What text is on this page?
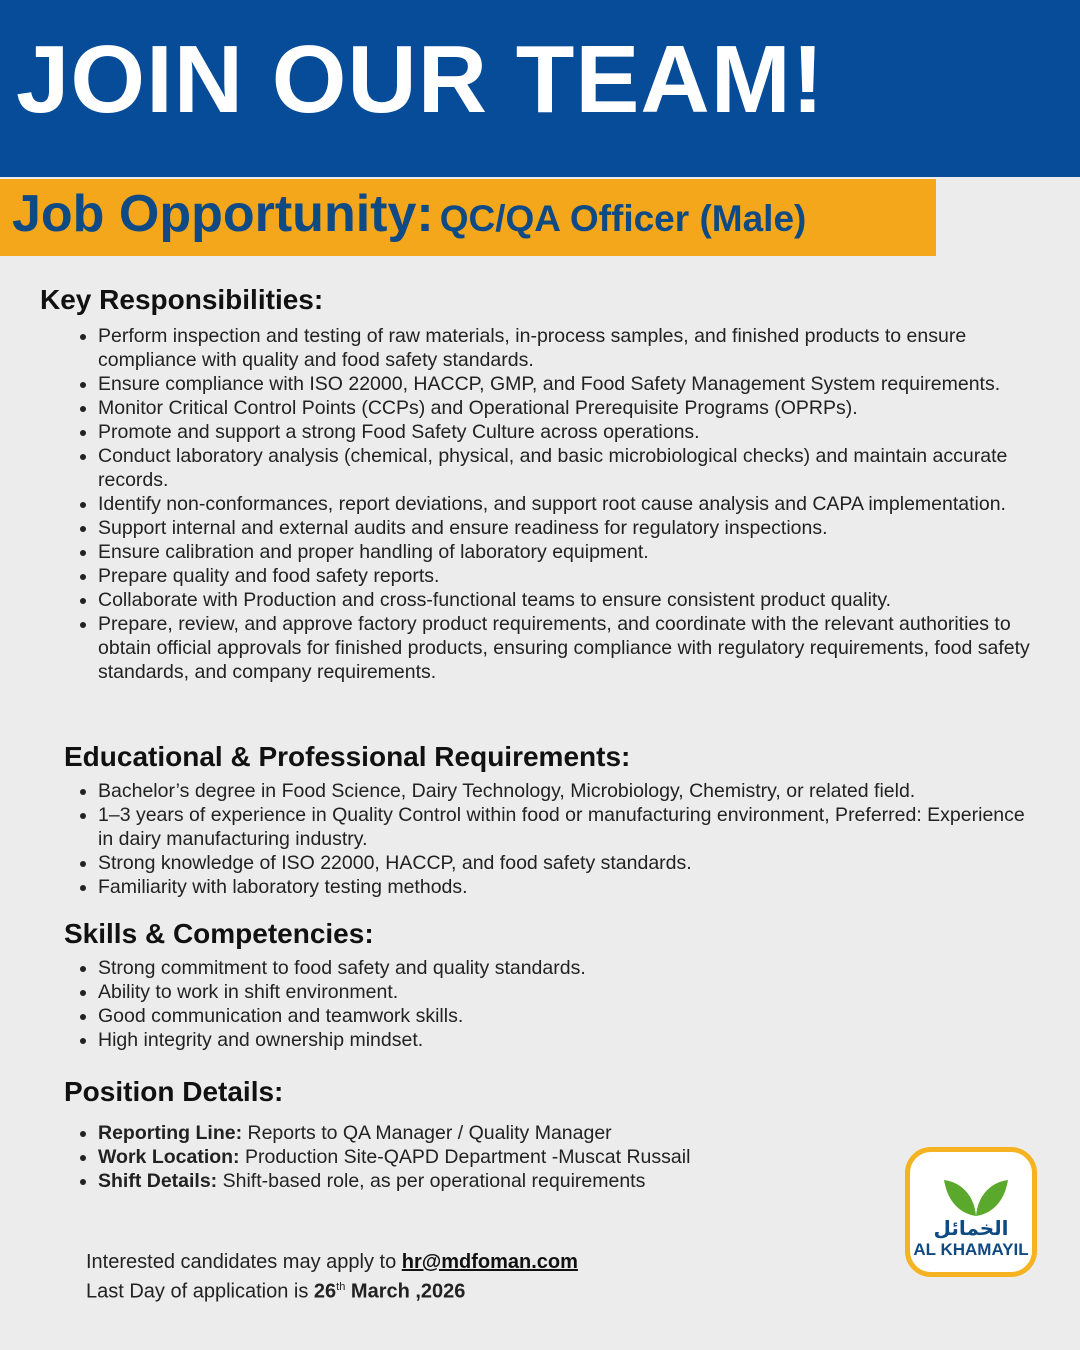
JOIN OUR TEAM!
Job Opportunity: QC/QA Officer (Male)
Key Responsibilities:
Perform inspection and testing of raw materials, in-process samples, and finished products to ensure compliance with quality and food safety standards.
Ensure compliance with ISO 22000, HACCP, GMP, and Food Safety Management System requirements.
Monitor Critical Control Points (CCPs) and Operational Prerequisite Programs (OPRPs).
Promote and support a strong Food Safety Culture across operations.
Conduct laboratory analysis (chemical, physical, and basic microbiological checks) and maintain accurate records.
Identify non-conformances, report deviations, and support root cause analysis and CAPA implementation.
Support internal and external audits and ensure readiness for regulatory inspections.
Ensure calibration and proper handling of laboratory equipment.
Prepare quality and food safety reports.
Collaborate with Production and cross-functional teams to ensure consistent product quality.
Prepare, review, and approve factory product requirements, and coordinate with the relevant authorities to obtain official approvals for finished products, ensuring compliance with regulatory requirements, food safety standards, and company requirements.
Educational & Professional Requirements:
Bachelor’s degree in Food Science, Dairy Technology, Microbiology, Chemistry, or related field.
1–3 years of experience in Quality Control within food or manufacturing environment, Preferred: Experience in dairy manufacturing industry.
Strong knowledge of ISO 22000, HACCP, and food safety standards.
Familiarity with laboratory testing methods.
Skills & Competencies:
Strong commitment to food safety and quality standards.
Ability to work in shift environment.
Good communication and teamwork skills.
High integrity and ownership mindset.
Position Details:
Reporting Line: Reports to QA Manager / Quality Manager
Work Location: Production Site-QAPD Department -Muscat Russail
Shift Details: Shift-based role, as per operational requirements
Interested candidates may apply to hr@mdfoman.com
Last Day of application is 26th March ,2026
الخمائل
AL KHAMAYIL
